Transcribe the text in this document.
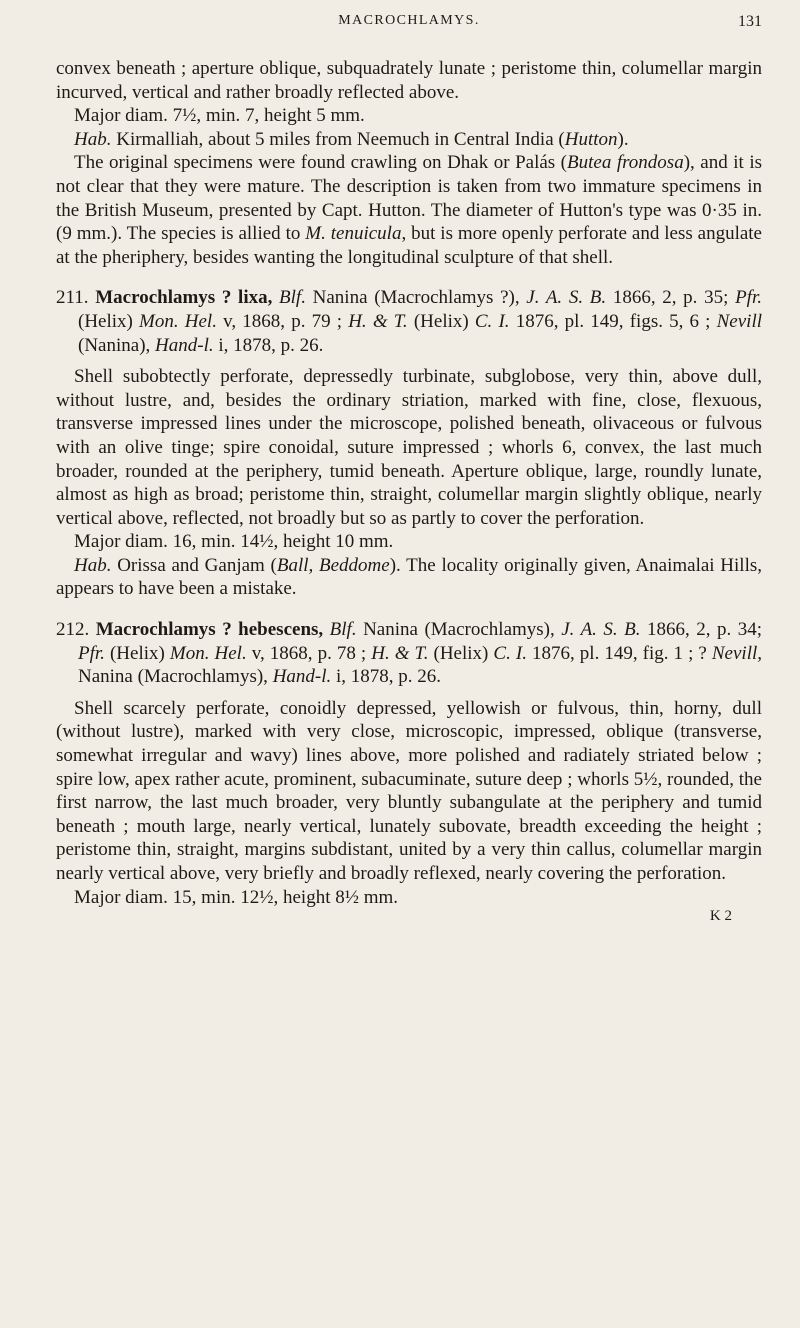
MACROCHLAMYS.	131

convex beneath ; aperture oblique, subquadrately lunate ; peristome thin, columellar margin incurved, vertical and rather broadly reflected above.

Major diam. 7½, min. 7, height 5 mm.

Hab. Kirmalliah, about 5 miles from Neemuch in Central India (Hutton).

The original specimens were found crawling on Dhak or Palás (Butea frondosa), and it is not clear that they were mature. The description is taken from two immature specimens in the British Museum, presented by Capt. Hutton. The diameter of Hutton's type was 0·35 in. (9 mm.). The species is allied to M. tenuicula, but is more openly perforate and less angulate at the pheriphery, besides wanting the longitudinal sculpture of that shell.

211. Macrochlamys ? lixa, Blf. Nanina (Macrochlamys ?), J. A. S. B. 1866, 2, p. 35; Pfr. (Helix) Mon. Hel. v, 1868, p. 79 ; H. & T. (Helix) C. I. 1876, pl. 149, figs. 5, 6 ; Nevill (Nanina), Hand-l. i, 1878, p. 26.

Shell subobtectly perforate, depressedly turbinate, subglobose, very thin, above dull, without lustre, and, besides the ordinary striation, marked with fine, close, flexuous, transverse impressed lines under the microscope, polished beneath, olivaceous or fulvous with an olive tinge; spire conoidal, suture impressed ; whorls 6, convex, the last much broader, rounded at the periphery, tumid beneath. Aperture oblique, large, roundly lunate, almost as high as broad; peristome thin, straight, columellar margin slightly oblique, nearly vertical above, reflected, not broadly but so as partly to cover the perforation.

Major diam. 16, min. 14½, height 10 mm.

Hab. Orissa and Ganjam (Ball, Beddome). The locality originally given, Anaimalai Hills, appears to have been a mistake.

212. Macrochlamys ? hebescens, Blf. Nanina (Macrochlamys), J. A. S. B. 1866, 2, p. 34; Pfr. (Helix) Mon. Hel. v, 1868, p. 78 ; H. & T. (Helix) C. I. 1876, pl. 149, fig. 1 ; ? Nevill, Nanina (Macrochlamys), Hand-l. i, 1878, p. 26.

Shell scarcely perforate, conoidly depressed, yellowish or fulvous, thin, horny, dull (without lustre), marked with very close, microscopic, impressed, oblique (transverse, somewhat irregular and wavy) lines above, more polished and radiately striated below ; spire low, apex rather acute, prominent, subacuminate, suture deep ; whorls 5½, rounded, the first narrow, the last much broader, very bluntly subangulate at the periphery and tumid beneath ; mouth large, nearly vertical, lunately subovate, breadth exceeding the height ; peristome thin, straight, margins subdistant, united by a very thin callus, columellar margin nearly vertical above, very briefly and broadly reflexed, nearly covering the perforation.

Major diam. 15, min. 12½, height 8½ mm.

K 2
